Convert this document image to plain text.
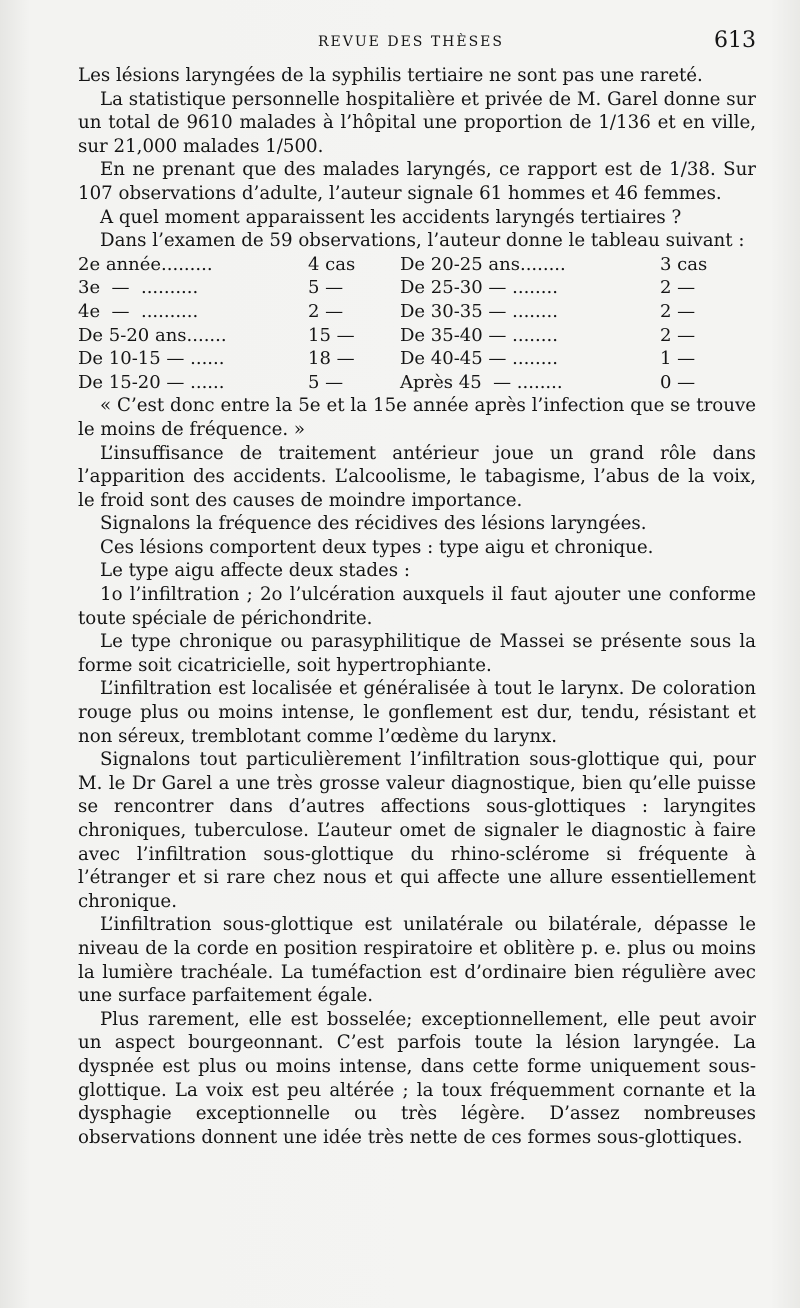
REVUE DES THÈSES	613

Les lésions laryngées de la syphilis tertiaire ne sont pas une rareté.

La statistique personnelle hospitalière et privée de M. Garel donne sur un total de 9610 malades à l’hôpital une proportion de 1/136 et en ville, sur 21,000 malades 1/500.

En ne prenant que des malades laryngés, ce rapport est de 1/38. Sur 107 observations d’adulte, l’auteur signale 61 hommes et 46 femmes.

A quel moment apparaissent les accidents laryngés tertiaires ?

Dans l’examen de 59 observations, l’auteur donne le tableau suivant :

2e année.........	4 cas	De 20-25 ans........	3 cas
3e  —  ..........	5 —	De 25-30 — ........	2 —
4e  —  ..........	2 —	De 30-35 — ........	2 —
De 5-20 ans.......	15 —	De 35-40 — ........	2 —
De 10-15 — ......	18 —	De 40-45 — ........	1 —
De 15-20 — ......	5 —	Après 45  — ........	0 —

« C’est donc entre la 5e et la 15e année après l’infection que se trouve le moins de fréquence. »

L’insuffisance de traitement antérieur joue un grand rôle dans l’apparition des accidents. L’alcoolisme, le tabagisme, l’abus de la voix, le froid sont des causes de moindre importance.

Signalons la fréquence des récidives des lésions laryngées.

Ces lésions comportent deux types : type aigu et chronique.

Le type aigu affecte deux stades :

1o l’infiltration ; 2o l’ulcération auxquels il faut ajouter une conforme toute spéciale de périchondrite.

Le type chronique ou parasyphilitique de Massei se présente sous la forme soit cicatricielle, soit hypertrophiante.

L’infiltration est localisée et généralisée à tout le larynx. De coloration rouge plus ou moins intense, le gonflement est dur, tendu, résistant et non séreux, tremblotant comme l’œdème du larynx.

Signalons tout particulièrement l’infiltration sous-glottique qui, pour M. le Dr Garel a une très grosse valeur diagnostique, bien qu’elle puisse se rencontrer dans d’autres affections sous-glottiques : laryngites chroniques, tuberculose. L’auteur omet de signaler le diagnostic à faire avec l’infiltration sous-glottique du rhino-sclérome si fréquente à l’étranger et si rare chez nous et qui affecte une allure essentiellement chronique.

L’infiltration sous-glottique est unilatérale ou bilatérale, dépasse le niveau de la corde en position respiratoire et oblitère p. e. plus ou moins la lumière trachéale. La tuméfaction est d’ordinaire bien régulière avec une surface parfaitement égale.

Plus rarement, elle est bosselée; exceptionnellement, elle peut avoir un aspect bourgeonnant. C’est parfois toute la lésion laryngée. La dyspnée est plus ou moins intense, dans cette forme uniquement sous-glottique. La voix est peu altérée ; la toux fréquemment cornante et la dysphagie exceptionnelle ou très légère. D’assez nombreuses observations donnent une idée très nette de ces formes sous-glottiques.
